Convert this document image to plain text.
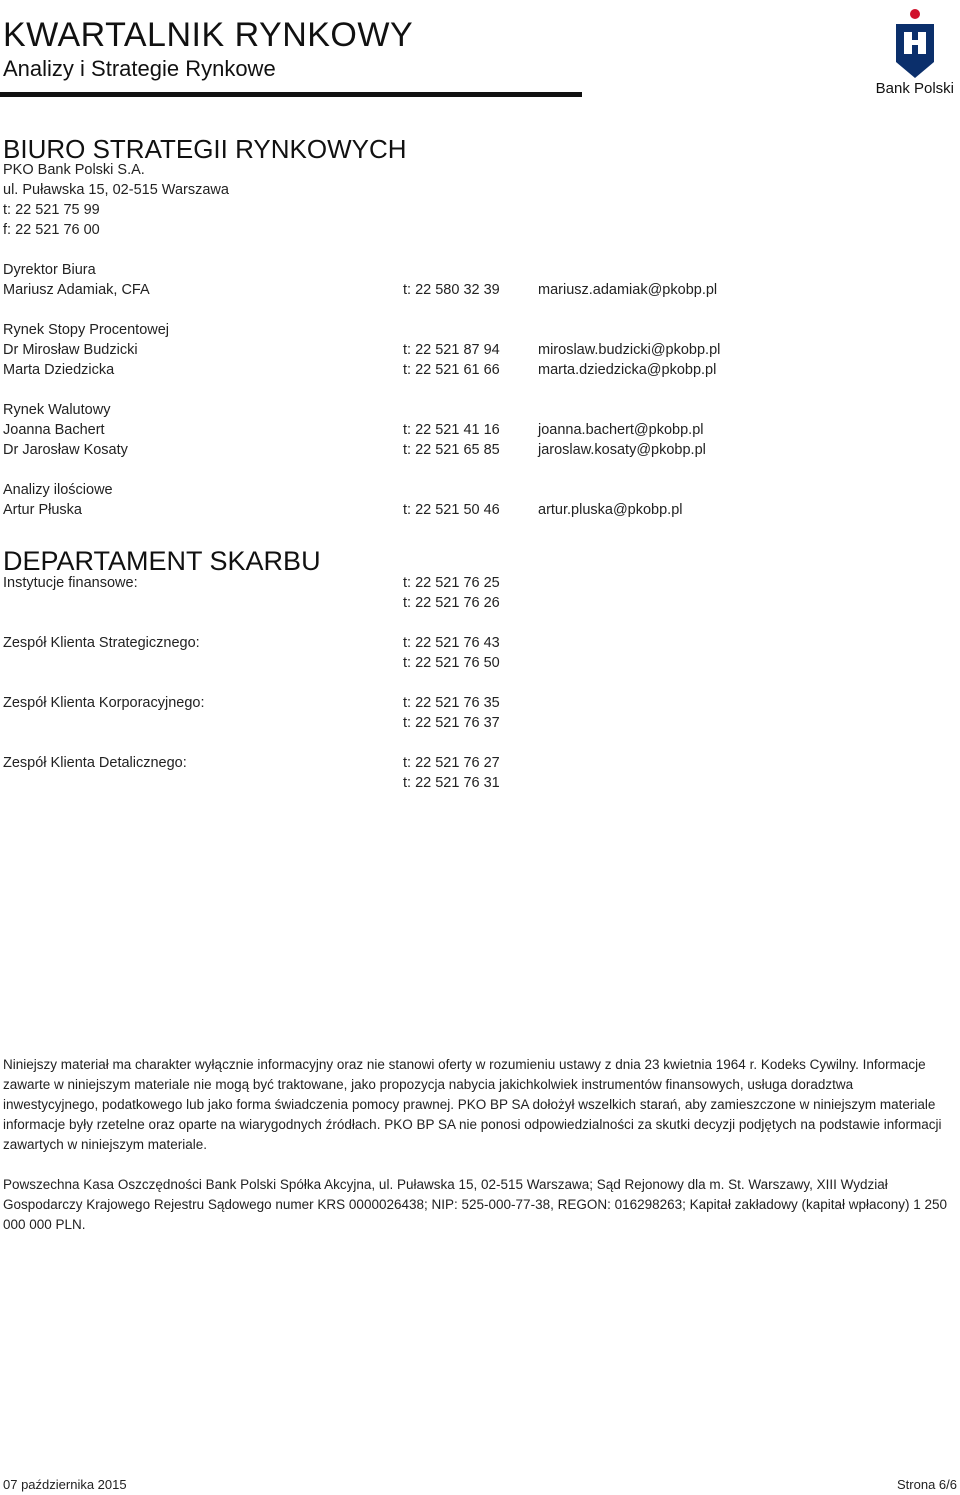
KWARTALNIK RYNKOWY
Analizy i Strategie Rynkowe
Bank Polski
BIURO STRATEGII RYNKOWYCH
PKO Bank Polski S.A.
ul. Puławska 15, 02-515 Warszawa
t: 22 521 75 99
f: 22 521 76 00
Dyrektor Biura
Mariusz Adamiak, CFA	t: 22 580 32 39	mariusz.adamiak@pkobp.pl
Rynek Stopy Procentowej
Dr Mirosław Budzicki	t: 22 521 87 94	miroslaw.budzicki@pkobp.pl
Marta Dziedzicka	t: 22 521 61 66	marta.dziedzicka@pkobp.pl
Rynek Walutowy
Joanna Bachert	t: 22 521 41 16	joanna.bachert@pkobp.pl
Dr Jarosław Kosaty	t: 22 521 65 85	jaroslaw.kosaty@pkobp.pl
Analizy ilościowe
Artur Płuska	t: 22 521 50 46	artur.pluska@pkobp.pl
DEPARTAMENT SKARBU
Instytucje finansowe:	t: 22 521 76 25
t: 22 521 76 26
Zespół Klienta Strategicznego:	t: 22 521 76 43
t: 22 521 76 50
Zespół Klienta Korporacyjnego:	t: 22 521 76 35
t: 22 521 76 37
Zespół Klienta Detalicznego:	t: 22 521 76 27
t: 22 521 76 31
Niniejszy materiał ma charakter wyłącznie informacyjny oraz nie stanowi oferty w rozumieniu ustawy z dnia 23 kwietnia 1964 r. Kodeks Cywilny. Informacje zawarte w niniejszym materiale nie mogą być traktowane, jako propozycja nabycia jakichkolwiek instrumentów finansowych, usługa doradztwa inwestycyjnego, podatkowego lub jako forma świadczenia pomocy prawnej. PKO BP SA dołożył wszelkich starań, aby zamieszczone w niniejszym materiale informacje były rzetelne oraz oparte na wiarygodnych źródłach. PKO BP SA nie ponosi odpowiedzialności za skutki decyzji podjętych na podstawie informacji zawartych w niniejszym materiale.
Powszechna Kasa Oszczędności Bank Polski Spółka Akcyjna, ul. Puławska 15, 02-515 Warszawa; Sąd Rejonowy dla m. St. Warszawy, XIII Wydział Gospodarczy Krajowego Rejestru Sądowego numer KRS 0000026438; NIP: 525-000-77-38, REGON: 016298263; Kapitał zakładowy (kapitał wpłacony) 1 250 000 000 PLN.
07 października 2015	Strona 6/6
